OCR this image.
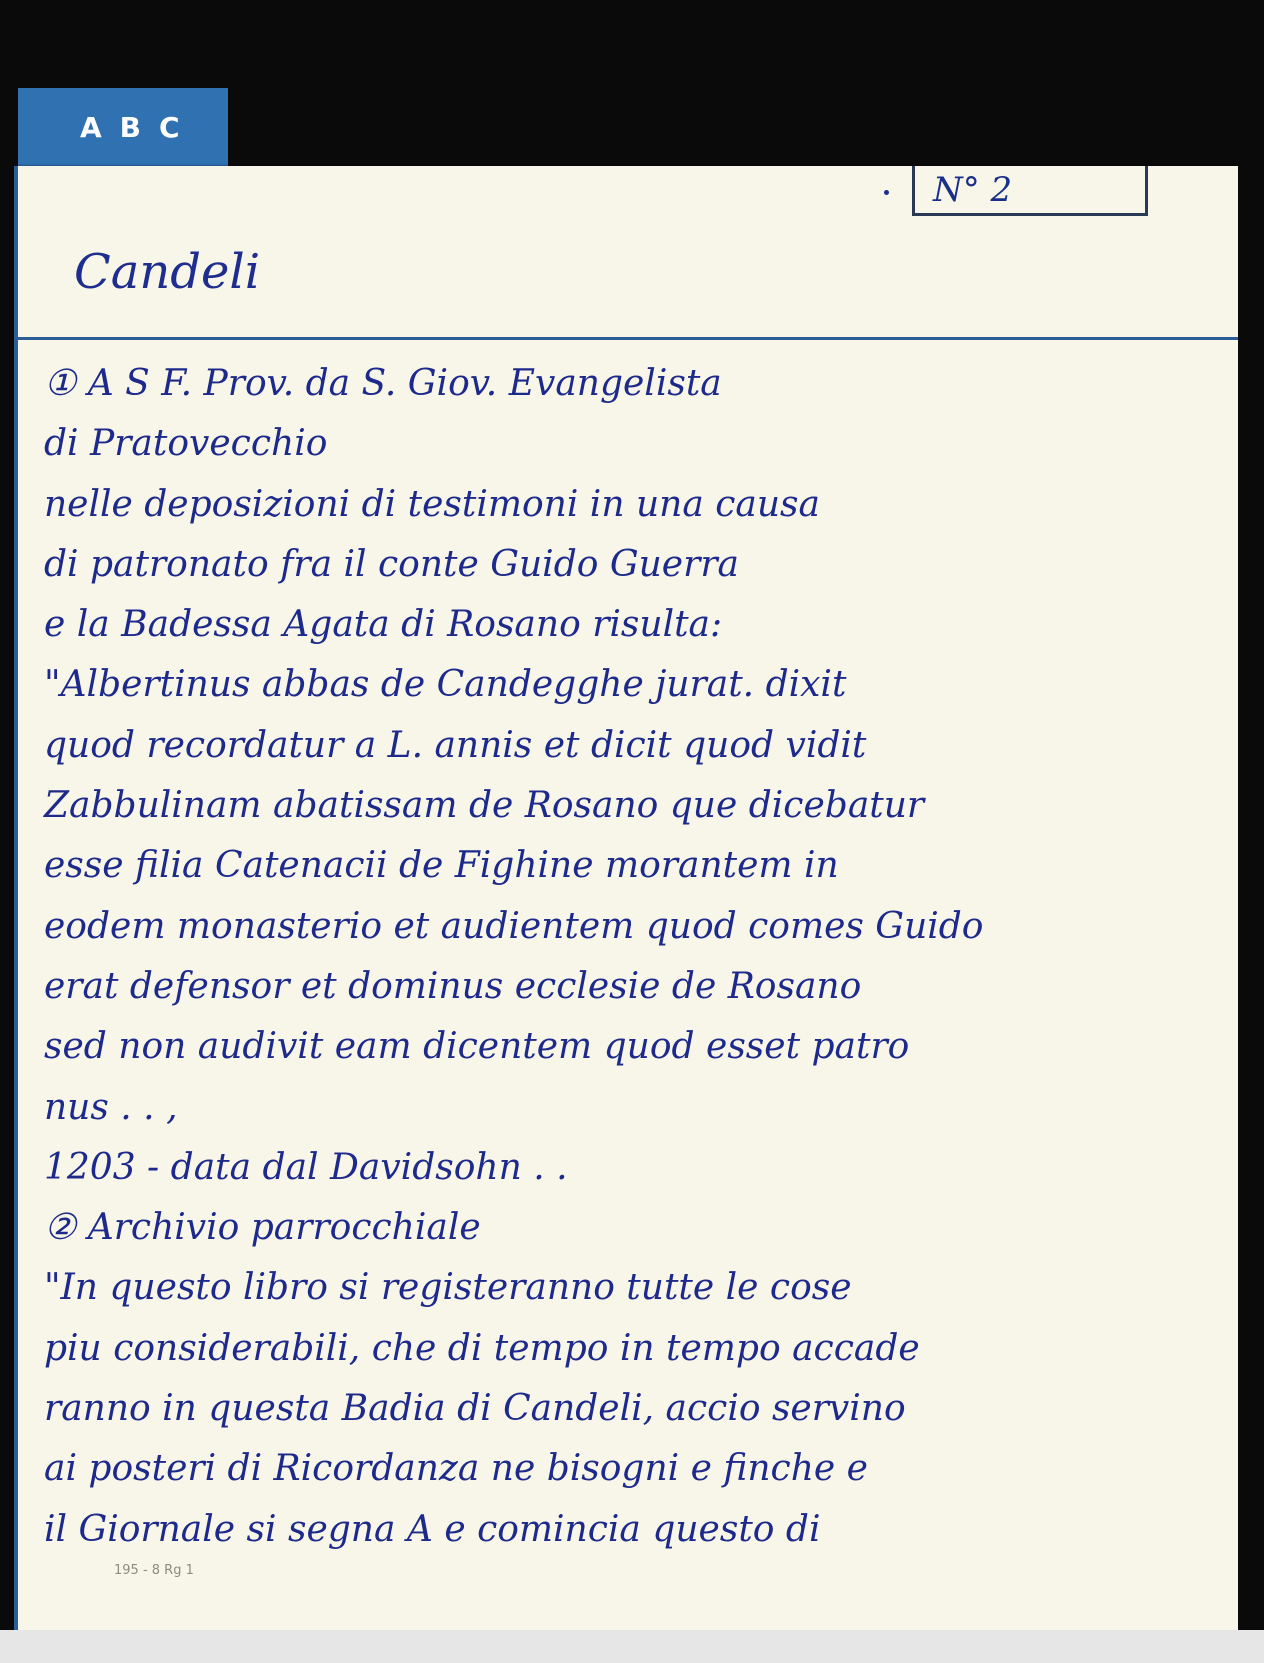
A B C
N° 2
Candeli
① A S F. Prov. da S. Giov. Evangelista
di Pratovecchio
nelle deposizioni di testimoni in una causa
di patronato fra il conte Guido Guerra
e la Badessa Agata di Rosano risulta:
"Albertinus abbas de Candegghe jurat. dixit
quod recordatur a L. annis et dicit quod vidit
Zabbulinam abatissam de Rosano que dicebatur
esse filia Catenacii de Fighine morantem in
eodem monasterio et audientem quod comes Guido
erat defensor et dominus ecclesie de Rosano
sed non audivit eam dicentem quod esset patro
nus . . ,
1203 - data dal Davidsohn . .
② Archivio parrocchiale
"In questo libro si registeranno tutte le cose
piu considerabili, che di tempo in tempo accade
ranno in questa Badia di Candeli, accio servino
ai posteri di Ricordanza ne bisogni e finche e
il Giornale si segna A e comincia questo di
195 - 8 Rg 1
